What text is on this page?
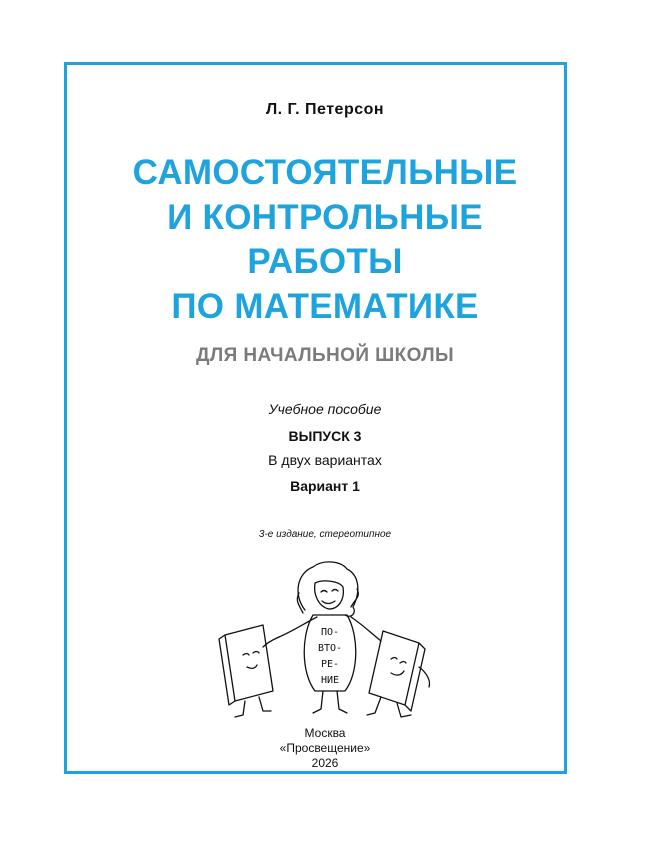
Л. Г. Петерсон
САМОСТОЯТЕЛЬНЫЕ
И КОНТРОЛЬНЫЕ
РАБОТЫ
ПО МАТЕМАТИКЕ
ДЛЯ НАЧАЛЬНОЙ ШКОЛЫ
Учебное пособие
ВЫПУСК 3
В двух вариантах
Вариант 1
3-е издание, стереотипное
ПО-
ВТО-
РЕ-
НИЕ
Москва
«Просвещение»
2026
